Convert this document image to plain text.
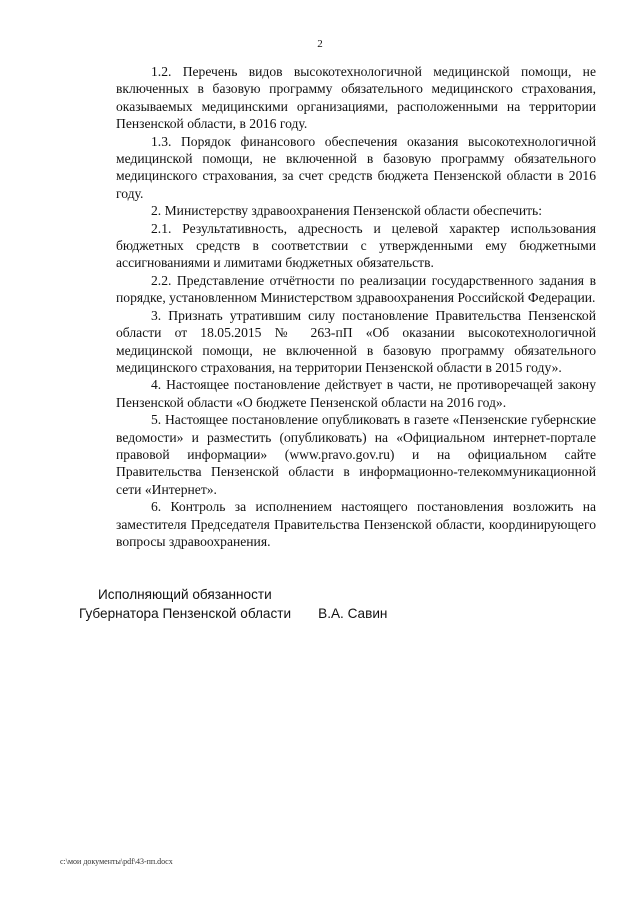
2

1.2. Перечень видов высокотехнологичной медицинской помощи, не включенных в базовую программу обязательного медицинского страхования, оказываемых медицинскими организациями, расположенными на территории Пензенской области, в 2016 году.

1.3. Порядок финансового обеспечения оказания высокотехнологичной медицинской помощи, не включенной в базовую программу обязательного медицинского страхования, за счет средств бюджета Пензенской области в 2016 году.

2. Министерству здравоохранения Пензенской области обеспечить:

2.1. Результативность, адресность и целевой характер использования бюджетных средств в соответствии с утвержденными ему бюджетными ассигнованиями и лимитами бюджетных обязательств.

2.2. Представление отчётности по реализации государственного задания в порядке, установленном Министерством здравоохранения Российской Федерации.

3. Признать утратившим силу постановление Правительства Пензенской области от 18.05.2015 № 263-пП «Об оказании высокотехнологичной медицинской помощи, не включенной в базовую программу обязательного медицинского страхования, на территории Пензенской области в 2015 году».

4. Настоящее постановление действует в части, не противоречащей закону Пензенской области «О бюджете Пензенской области на 2016 год».

5. Настоящее постановление опубликовать в газете «Пензенские губернские ведомости» и разместить (опубликовать) на «Официальном интернет-портале правовой информации» (www.pravo.gov.ru) и на официальном сайте Правительства Пензенской области в информационно-телекоммуникационной сети «Интернет».

6. Контроль за исполнением настоящего постановления возложить на заместителя Председателя Правительства Пензенской области, координирующего вопросы здравоохранения.

Исполняющий обязанности
Губернатора Пензенской области В.А. Савин
c:\мои документы\pdf\43-пп.docx
